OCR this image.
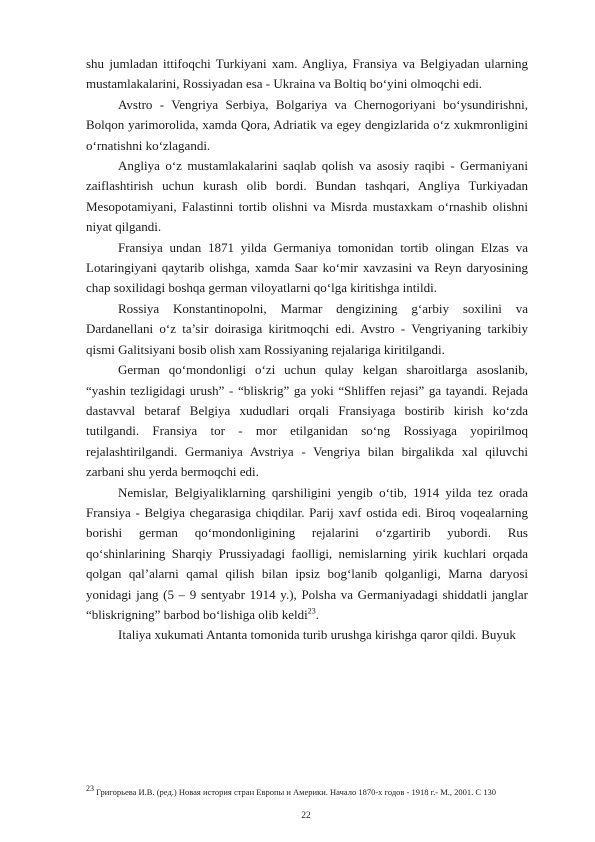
shu jumladan ittifoqchi Turkiyani xam. Angliya, Fransiya va Belgiyadan ularning mustamlakalarini, Rossiyadan esa - Ukraina va Boltiq bo‘yini olmoqchi edi.

Avstro - Vengriya Serbiya, Bolgariya va Chernogoriyani bo‘ysundirishni, Bolqon yarimorolida, xamda Qora, Adriatik va egey dengizlarida o‘z xukmronligini o‘rnatishni ko‘zlagandi.

Angliya o‘z mustamlakalarini saqlab qolish va asosiy raqibi - Germaniyani zaiflashtirish uchun kurash olib bordi. Bundan tashqari, Angliya Turkiyadan Mesopotamiyani, Falastinni tortib olishni va Misrda mustaxkam o‘rnashib olishni niyat qilgandi.

Fransiya undan 1871 yilda Germaniya tomonidan tortib olingan Elzas va Lotaringiyani qaytarib olishga, xamda Saar ko‘mir xavzasini va Reyn daryosining chap soxilidagi boshqa german viloyatlarni qo‘lga kiritishga intildi.

Rossiya Konstantinopolni, Marmar dengizining g‘arbiy soxilini va Dardanellani o‘z ta’sir doirasiga kiritmoqchi edi. Avstro - Vengriyaning tarkibiy qismi Galitsiyani bosib olish xam Rossiyaning rejalariga kiritilgandi.

German qo‘mondonligi o‘zi uchun qulay kelgan sharoitlarga asoslanib, “yashin tezligidagi urush” - “bliskrig” ga yoki “Shliffen rejasi” ga tayandi. Rejada dastavval betaraf Belgiya xududlari orqali Fransiyaga bostirib kirish ko‘zda tutilgandi. Fransiya tor - mor etilganidan so‘ng Rossiyaga yopirilmoq rejalashtirilgandi. Germaniya Avstriya - Vengriya bilan birgalikda xal qiluvchi zarbani shu yerda bermoqchi edi.

Nemislar, Belgiyaliklarning qarshiligini yengib o‘tib, 1914 yilda tez orada Fransiya - Belgiya chegarasiga chiqdilar. Parij xavf ostida edi. Biroq voqealarning borishi german qo‘mondonligining rejalarini o‘zgartirib yubordi. Rus qo‘shinlarining Sharqiy Prussiyadagi faolligi, nemislarning yirik kuchlari orqada qolgan qal’alarni qamal qilish bilan ipsiz bog‘lanib qolganligi, Marna daryosi yonidagi jang (5 – 9 sentyabr 1914 y.), Polsha va Germaniyadagi shiddatli janglar “bliskrigning” barbod bo‘lishiga olib keldi$^{23}$.

Italiya xukumati Antanta tomonida turib urushga kirishga qaror qildi. Buyuk

$^{23}$ Григорьева И.В. (ред.) Новая история стран Европы и Америки. Начало 1870-х годов - 1918 г.- М., 2001. С 130

22
